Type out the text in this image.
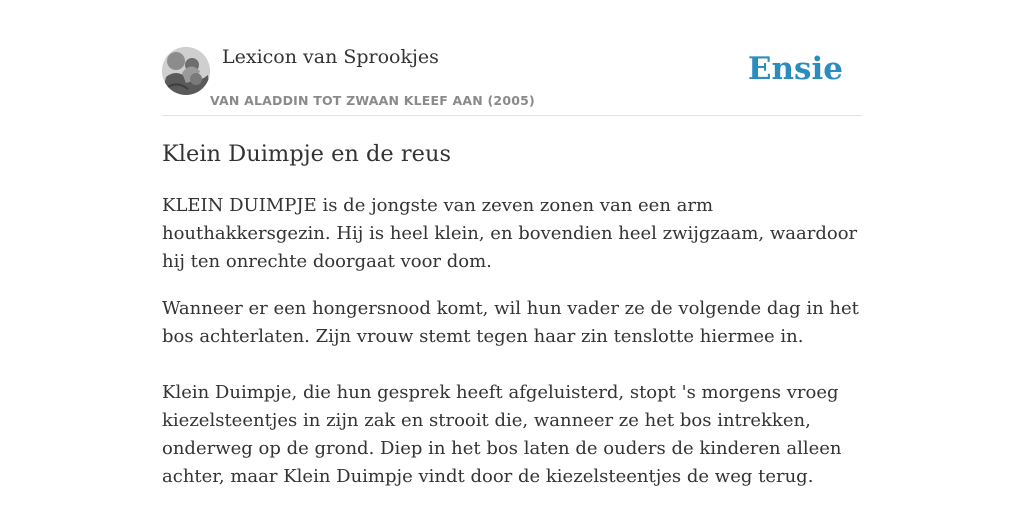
Lexicon van Sprookjes
VAN ALADDIN TOT ZWAAN KLEEF AAN (2005)
Ensie
Klein Duimpje en de reus

KLEIN DUIMPJE is de jongste van zeven zonen van een arm houthakkersgezin. Hij is heel klein, en bovendien heel zwijgzaam, waardoor hij ten onrechte doorgaat voor dom.

Wanneer er een hongersnood komt, wil hun vader ze de volgende dag in het bos achterlaten. Zijn vrouw stemt tegen haar zin tenslotte hiermee in.

Klein Duimpje, die hun gesprek heeft afgeluisterd, stopt 's morgens vroeg kiezelsteentjes in zijn zak en strooit die, wanneer ze het bos intrekken, onderweg op de grond. Diep in het bos laten de ouders de kinderen alleen achter, maar Klein Duimpje vindt door de kiezelsteentjes de weg terug.
